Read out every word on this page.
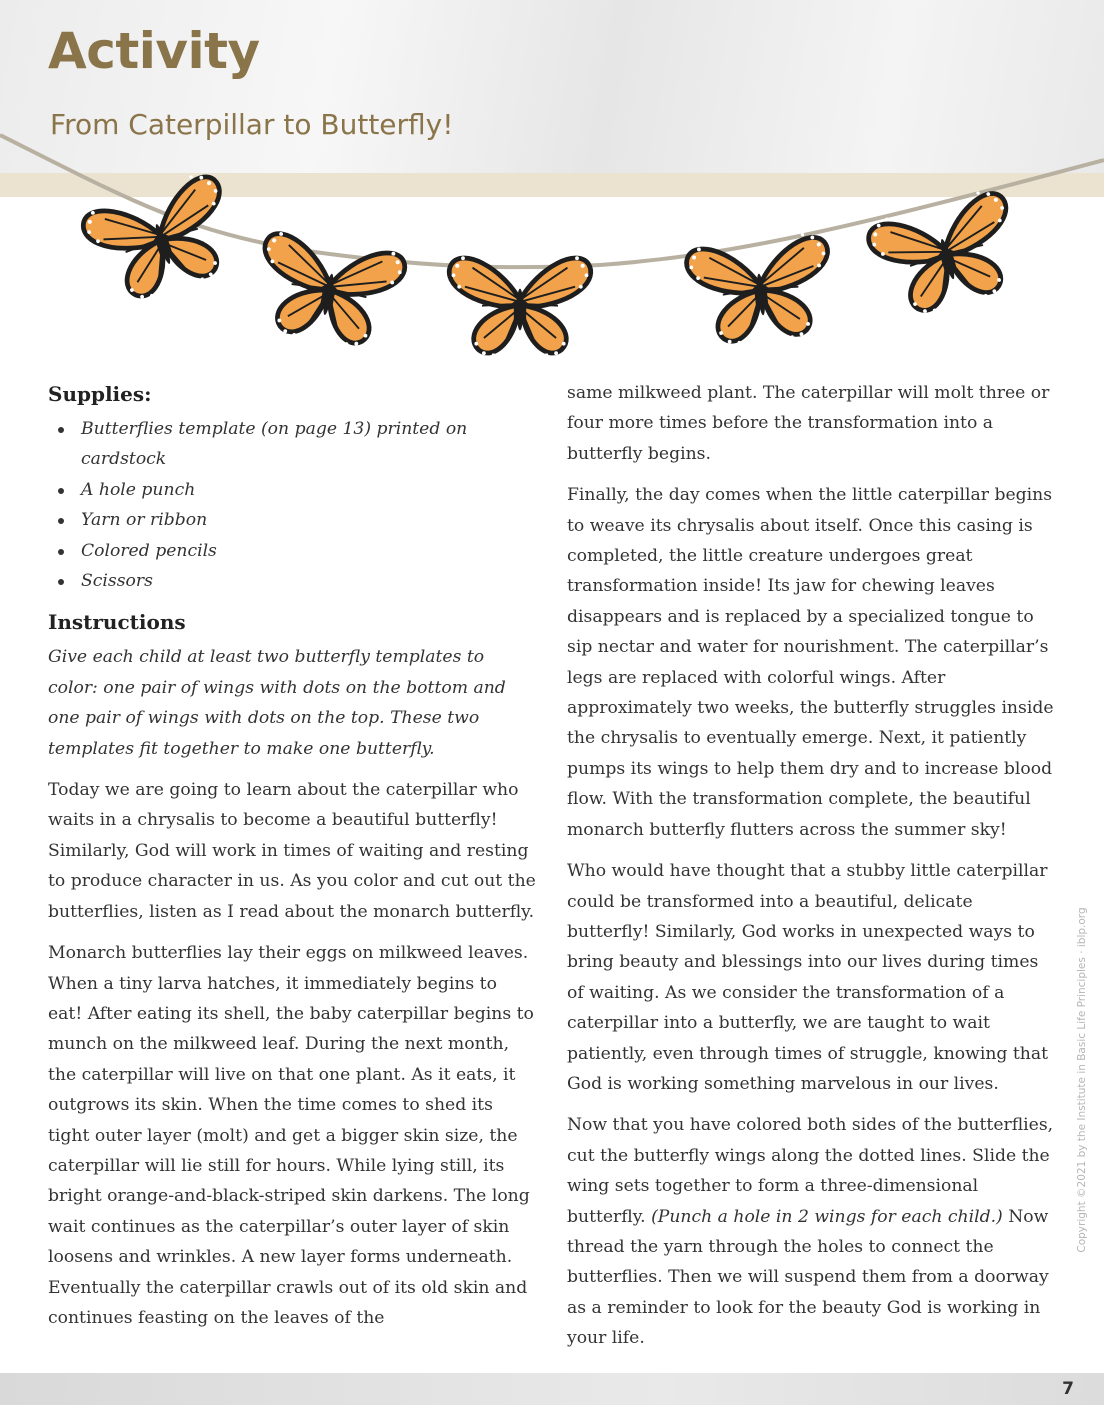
Activity
From Caterpillar to Butterfly!
Supplies:
Butterflies template (on page 13) printed on cardstock
A hole punch
Yarn or ribbon
Colored pencils
Scissors
Instructions

Give each child at least two butterfly templates to color: one pair of wings with dots on the bottom and one pair of wings with dots on the top. These two templates fit together to make one butterfly.

Today we are going to learn about the caterpillar who waits in a chrysalis to become a beautiful butterfly! Similarly, God will work in times of waiting and resting to produce character in us. As you color and cut out the butterflies, listen as I read about the monarch butterfly.

Monarch butterflies lay their eggs on milkweed leaves. When a tiny larva hatches, it immediately begins to eat! After eating its shell, the baby caterpillar begins to munch on the milkweed leaf. During the next month, the caterpillar will live on that one plant. As it eats, it outgrows its skin. When the time comes to shed its tight outer layer (molt) and get a bigger skin size, the caterpillar will lie still for hours. While lying still, its bright orange-and-black-striped skin darkens. The long wait continues as the caterpillar’s outer layer of skin loosens and wrinkles. A new layer forms underneath. Eventually the caterpillar crawls out of its old skin and continues feasting on the leaves of the

same milkweed plant. The caterpillar will molt three or four more times before the transformation into a butterfly begins.

Finally, the day comes when the little caterpillar begins to weave its chrysalis about itself. Once this casing is completed, the little creature undergoes great transformation inside! Its jaw for chewing leaves disappears and is replaced by a specialized tongue to sip nectar and water for nourishment. The caterpillar’s legs are replaced with colorful wings. After approximately two weeks, the butterfly struggles inside the chrysalis to eventually emerge. Next, it patiently pumps its wings to help them dry and to increase blood flow. With the transformation complete, the beautiful monarch butterfly flutters across the summer sky!

Who would have thought that a stubby little caterpillar could be transformed into a beautiful, delicate butterfly! Similarly, God works in unexpected ways to bring beauty and blessings into our lives during times of waiting. As we consider the transformation of a caterpillar into a butterfly, we are taught to wait patiently, even through times of struggle, knowing that God is working something marvelous in our lives.

Now that you have colored both sides of the butterflies, cut the butterfly wings along the dotted lines. Slide the wing sets together to form a three-dimensional butterfly. (Punch a hole in 2 wings for each child.) Now thread the yarn through the holes to connect the butterflies. Then we will suspend them from a doorway as a reminder to look for the beauty God is working in your life.

Copyright ©2021 by the Institute in Basic Life Principles · iblp.org
7
